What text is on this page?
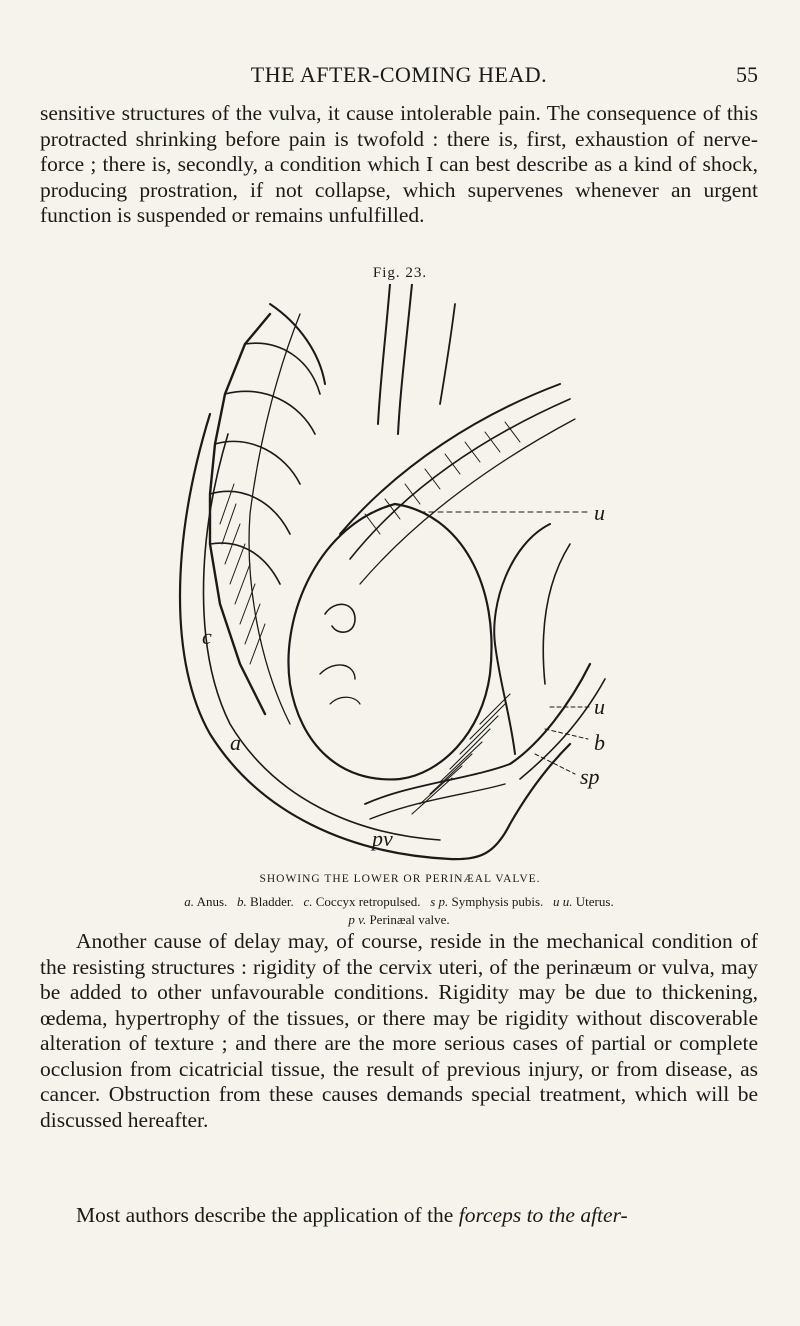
THE AFTER-COMING HEAD.	55

sensitive structures of the vulva, it cause intolerable pain. The consequence of this protracted shrinking before pain is twofold : there is, first, exhaustion of nerve-force ; there is, secondly, a condition which I can best describe as a kind of shock, producing prostration, if not collapse, which supervenes whenever an urgent function is suspended or remains unfulfilled.

Fig. 23.
u
u
b
sp
c
a
pv
SHOWING THE LOWER OR PERINÆAL VALVE.
a. Anus. b. Bladder. c. Coccyx retropulsed. s p. Symphysis pubis. u u. Uterus.
p v. Perinæal valve.

Another cause of delay may, of course, reside in the mechanical condition of the resisting structures : rigidity of the cervix uteri, of the perinæum or vulva, may be added to other unfavourable conditions. Rigidity may be due to thickening, œdema, hypertrophy of the tissues, or there may be rigidity without discoverable alteration of texture ; and there are the more serious cases of partial or complete occlusion from cicatricial tissue, the result of previous injury, or from disease, as cancer. Obstruction from these causes demands special treatment, which will be discussed hereafter.

Most authors describe the application of the forceps to the after-
